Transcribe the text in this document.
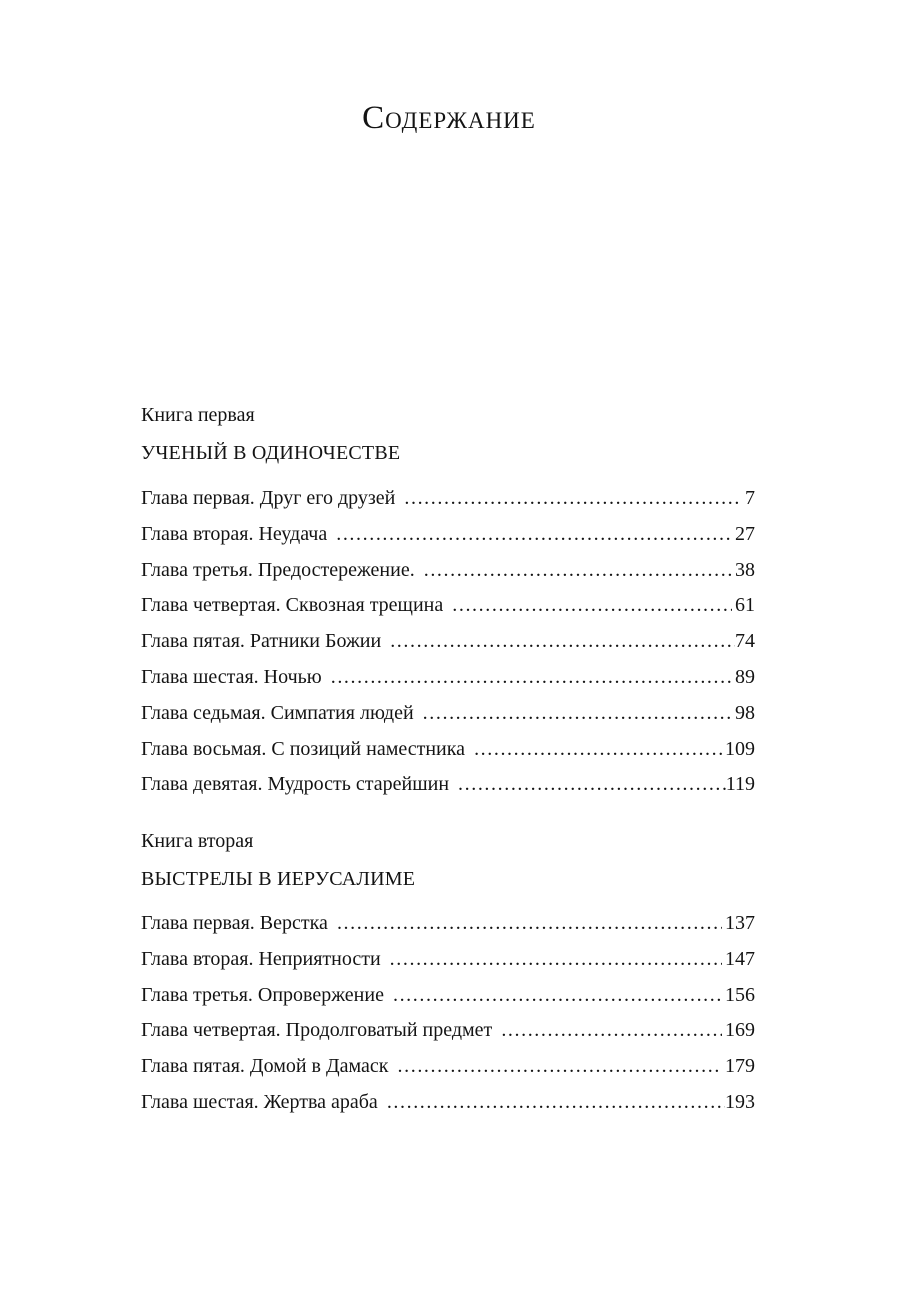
Содержание
Книга первая
УЧЕНЫЙ В ОДИНОЧЕСТВЕ
Глава первая. Друг его друзей .....	7
Глава вторая. Неудача .....	27
Глава третья. Предостережение. .....	38
Глава четвертая. Сквозная трещина .....	61
Глава пятая. Ратники Божии .....	74
Глава шестая. Ночью .....	89
Глава седьмая. Симпатия людей .....	98
Глава восьмая. С позиций наместника .....	109
Глава девятая. Мудрость старейшин .....	119
Книга вторая
ВЫСТРЕЛЫ В ИЕРУСАЛИМЕ
Глава первая. Верстка .....	137
Глава вторая. Неприятности .....	147
Глава третья. Опровержение .....	156
Глава четвертая. Продолговатый предмет .....	169
Глава пятая. Домой в Дамаск .....	179
Глава шестая. Жертва араба .....	193
